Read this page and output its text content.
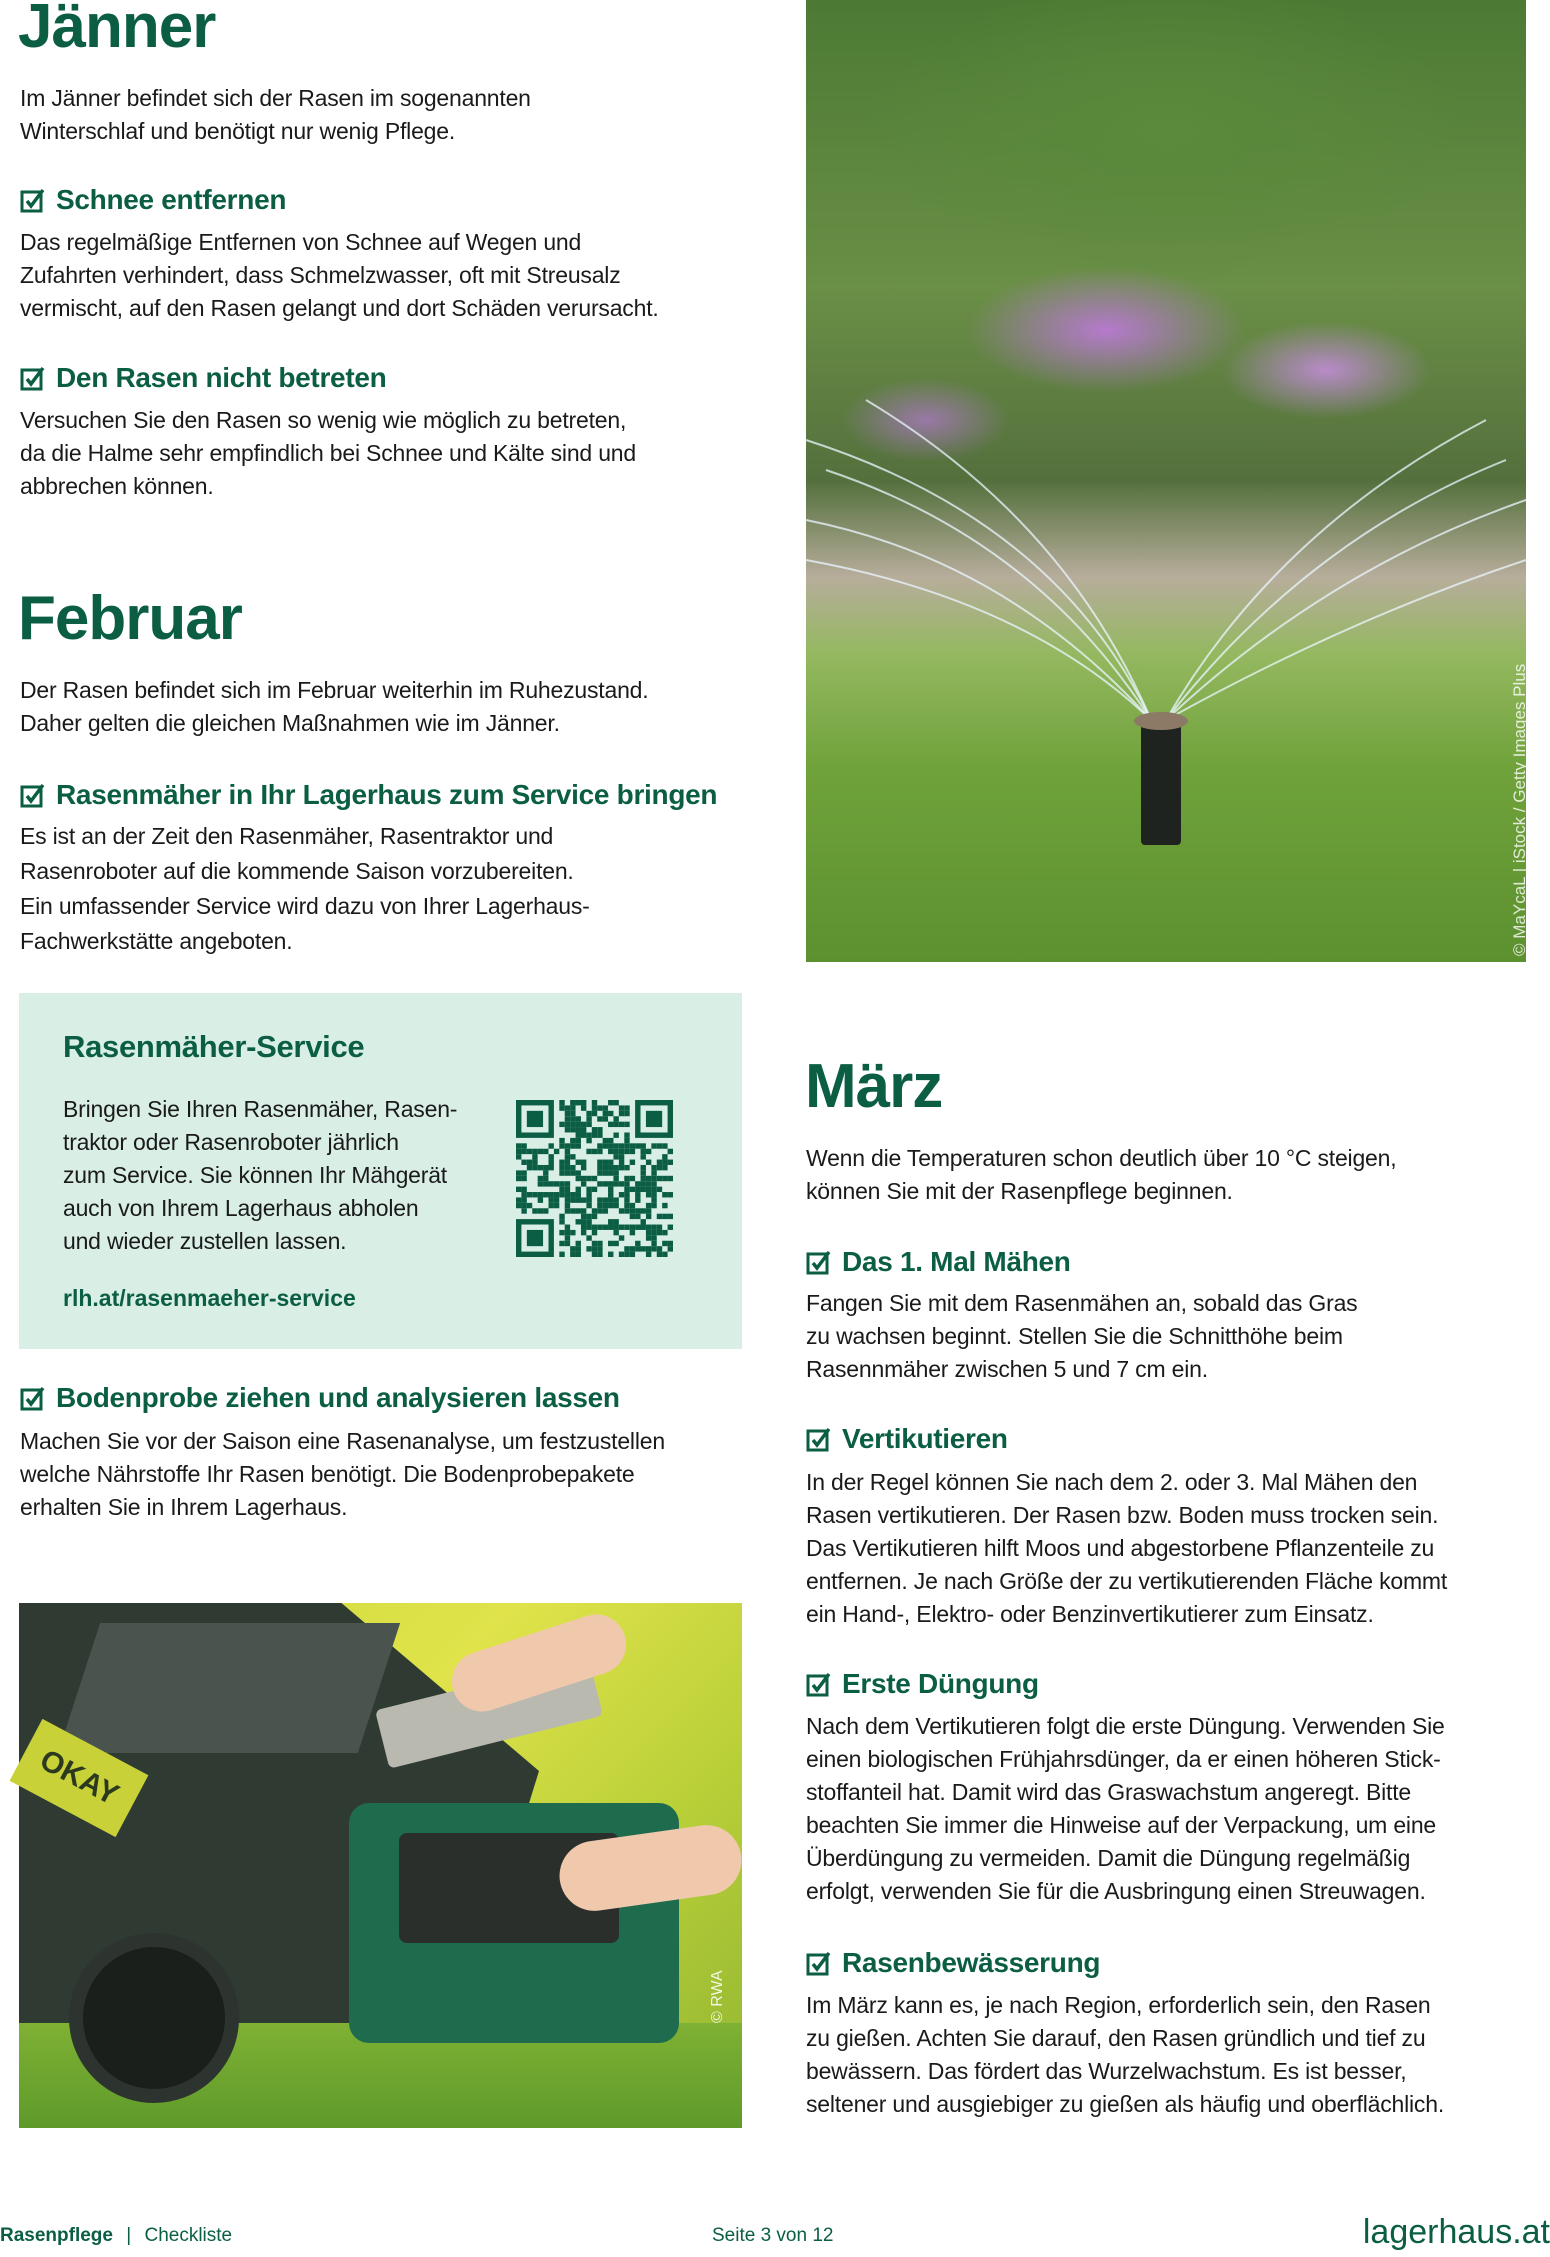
Jänner
Im Jänner befindet sich der Rasen im sogenannten
Winterschlaf und benötigt nur wenig Pflege.
Schnee entfernen
Das regelmäßige Entfernen von Schnee auf Wegen und
Zufahrten verhindert, dass Schmelzwasser, oft mit Streusalz
vermischt, auf den Rasen gelangt und dort Schäden verursacht.
Den Rasen nicht betreten
Versuchen Sie den Rasen so wenig wie möglich zu betreten,
da die Halme sehr empfindlich bei Schnee und Kälte sind und
abbrechen können.
Februar
Der Rasen befindet sich im Februar weiterhin im Ruhezustand.
Daher gelten die gleichen Maßnahmen wie im Jänner.
Rasenmäher in Ihr Lagerhaus zum Service bringen
Es ist an der Zeit den Rasenmäher, Rasentraktor und
Rasenroboter auf die kommende Saison vorzubereiten.
Ein umfassender Service wird dazu von Ihrer Lagerhaus-
Fachwerkstätte angeboten.
Rasenmäher-Service
Bringen Sie Ihren Rasenmäher, Rasen-
traktor oder Rasenroboter jährlich
zum Service. Sie können Ihr Mähgerät
auch von Ihrem Lagerhaus abholen
und wieder zustellen lassen.
rlh.at/rasenmaeher-service
Bodenprobe ziehen und analysieren lassen
Machen Sie vor der Saison eine Rasenanalyse, um festzustellen
welche Nährstoffe Ihr Rasen benötigt. Die Bodenprobepakete
erhalten Sie in Ihrem Lagerhaus.
OKAY
© RWA
© MaYcaL | iStock / Getty Images Plus
März
Wenn die Temperaturen schon deutlich über 10 °C steigen,
können Sie mit der Rasenpflege beginnen.
Das 1. Mal Mähen
Fangen Sie mit dem Rasenmähen an, sobald das Gras
zu wachsen beginnt. Stellen Sie die Schnitthöhe beim
Rasennmäher zwischen 5 und 7 cm ein.
Vertikutieren
In der Regel können Sie nach dem 2. oder 3. Mal Mähen den
Rasen vertikutieren. Der Rasen bzw. Boden muss trocken sein.
Das Vertikutieren hilft Moos und abgestorbene Pflanzenteile zu
entfernen. Je nach Größe der zu vertikutierenden Fläche kommt
ein Hand-, Elektro- oder Benzinvertikutierer zum Einsatz.
Erste Düngung
Nach dem Vertikutieren folgt die erste Düngung. Verwenden Sie
einen biologischen Frühjahrsdünger, da er einen höheren Stick-
stoffanteil hat. Damit wird das Graswachstum angeregt. Bitte
beachten Sie immer die Hinweise auf der Verpackung, um eine
Überdüngung zu vermeiden. Damit die Düngung regelmäßig
erfolgt, verwenden Sie für die Ausbringung einen Streuwagen.
Rasenbewässerung
Im März kann es, je nach Region, erforderlich sein, den Rasen
zu gießen. Achten Sie darauf, den Rasen gründlich und tief zu
bewässern. Das fördert das Wurzelwachstum. Es ist besser,
seltener und ausgiebiger zu gießen als häufig und oberflächlich.
Rasenpflege | Checkliste	Seite 3 von 12	lagerhaus.at
